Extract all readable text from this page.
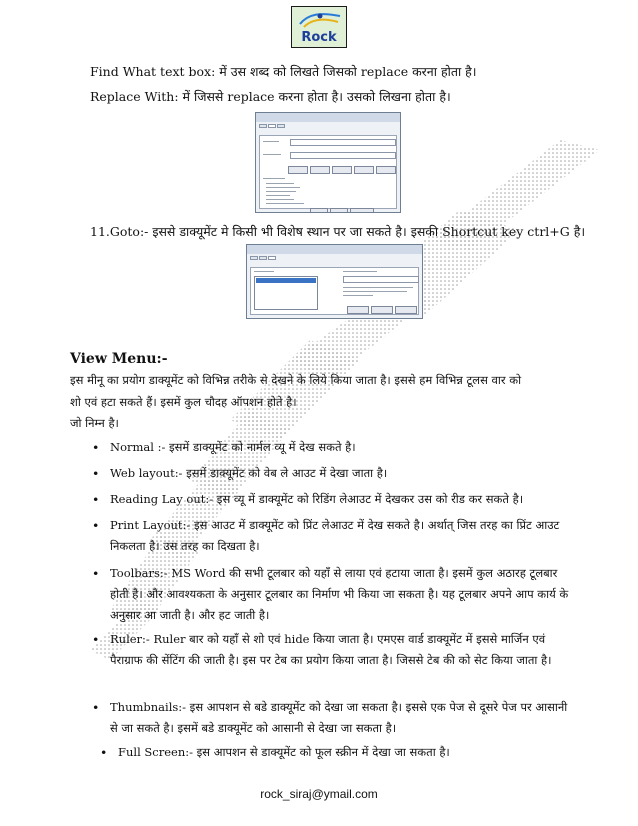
Rock
Find What text box: में उस शब्द को लिखते जिसको replace करना होता है।
Replace With: में जिससे replace करना होता है। उसको लिखना होता है।
11.Goto:- इससे डाक्यूमेंट मे किसी भी विशेष स्थान पर जा सकते है। इसकी Shortcut key ctrl+G है।
View Menu:-
इस मीनू का प्रयोग डाक्यूमेंट को विभिन्न तरीके से देखने के लिये किया जाता है। इससे हम विभिन्न टूलस वार को
शो एवं हटा सकते हैं। इसमें कुल चौदह ऑपशन होते है।
जो निम्न है।
• Normal :- इसमें डाक्यूमेंट को नार्मल व्यू में देख सकते है।
• Web layout:- इसमें डाक्यूमेंट को वेब ले आउट में देखा जाता है।
• Reading Lay out:- इस व्यू में डाक्यूमेंट को रिडिंग लेआउट में देखकर उस को रीड कर सकते है।
• Print Layout:- इस आउट में डाक्यूमेंट को प्रिंट लेआउट में देख सकते है। अर्थात् जिस तरह का प्रिंट आउट निकलता है। उस तरह का दिखता है।
• Toolbars:- MS Word की सभी टूलबार को यहाँ से लाया एवं हटाया जाता है। इसमें कुल अठारह टूलबार होती है। और आवश्यकता के अनुसार टूलबार का निर्माण भी किया जा सकता है। यह टूलबार अपने आप कार्य के अनुसार आ जाती है। और हट जाती है।
• Ruler:- Ruler बार को यहाँ से शो एवं hide किया जाता है। एमएस वार्ड डाक्यूमेंट में इससे मार्जिन एवं पैराग्राफ की सेंटिंग की जाती है। इस पर टेब का प्रयोग किया जाता है। जिससे टेब की को सेट किया जाता है।
• Thumbnails:- इस आपशन से बडे डाक्यूमेंट को देखा जा सकता है। इससे एक पेज से दूसरे पेज पर आसानी से जा सकते है। इसमें बडे डाक्यूमेंट को आसानी से देखा जा सकता है।
• Full Screen:- इस आपशन से डाक्यूमेंट को फूल स्क्रीन में देखा जा सकता है।
rock_siraj@ymail.com
